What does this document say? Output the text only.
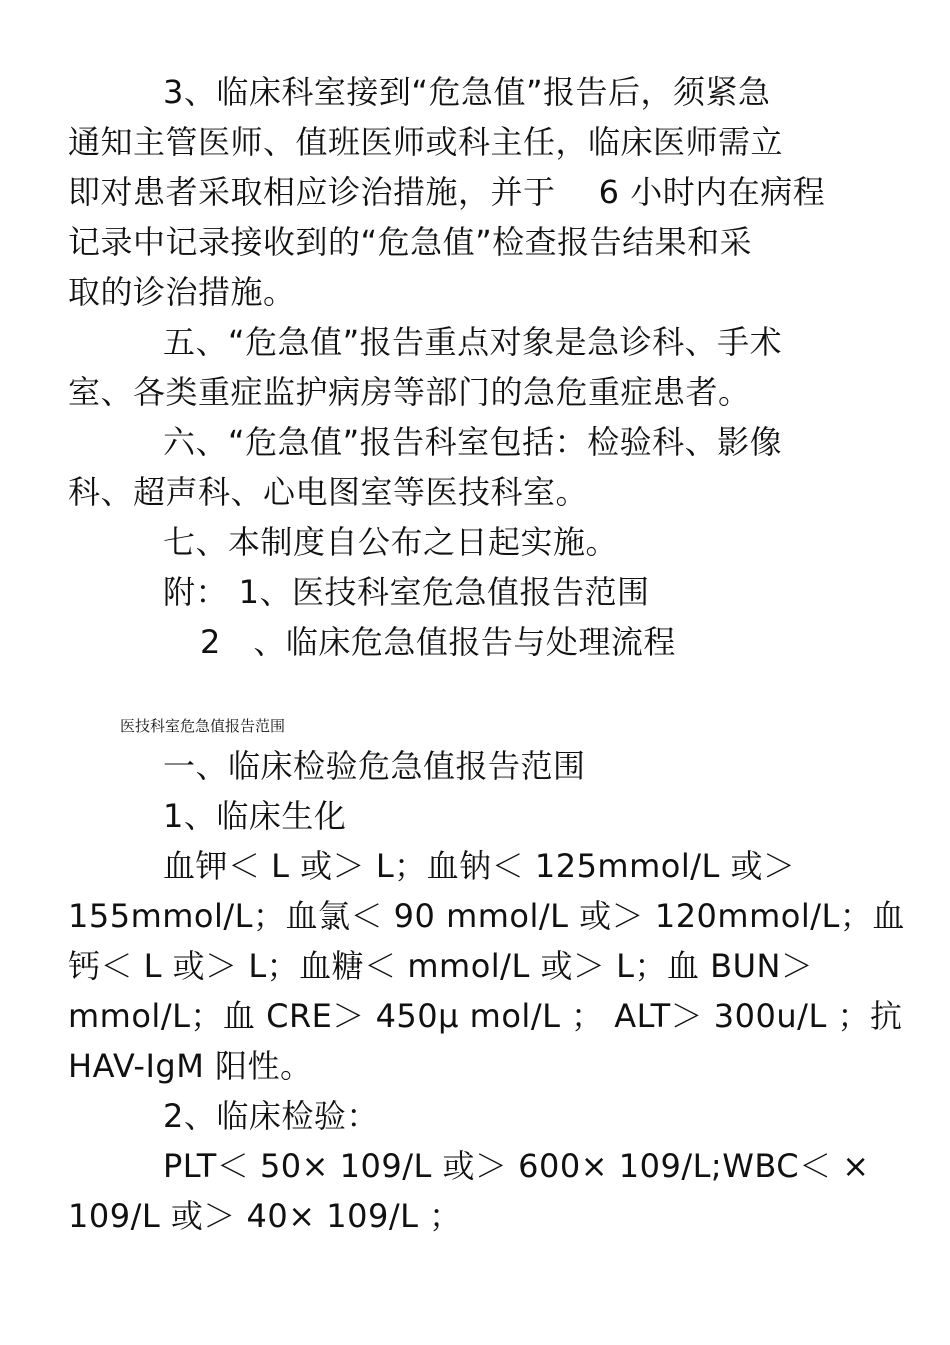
3、临床科室接到“危急值”报告后，须紧急
通知主管医师、值班医师或科主任，临床医师需立
即对患者采取相应诊治措施，并于　 6 小时内在病程
记录中记录接收到的“危急值”检查报告结果和采
取的诊治措施。
五、“危急值”报告重点对象是急诊科、手术
室、各类重症监护病房等部门的急危重症患者。
六、“危急值”报告科室包括：检验科、影像
科、超声科、心电图室等医技科室。
七、本制度自公布之日起实施。
附： 1、医技科室危急值报告范围
2　、临床危急值报告与处理流程
医技科室危急值报告范围
一、临床检验危急值报告范围
1、临床生化
血钾＜ L 或＞ L；血钠＜ 125mmol/L 或＞
155mmol/L；血氯＜ 90 mmol/L 或＞ 120mmol/L；血
钙＜ L 或＞ L；血糖＜ mmol/L 或＞ L；血 BUN＞
mmol/L；血 CRE＞ 450μ mol/L ； ALT＞ 300u/L ；抗
HAV-IgM 阳性。
2、临床检验：
PLT＜ 50× 109/L 或＞ 600× 109/L;WBC＜ ×
109/L 或＞ 40× 109/L ；
